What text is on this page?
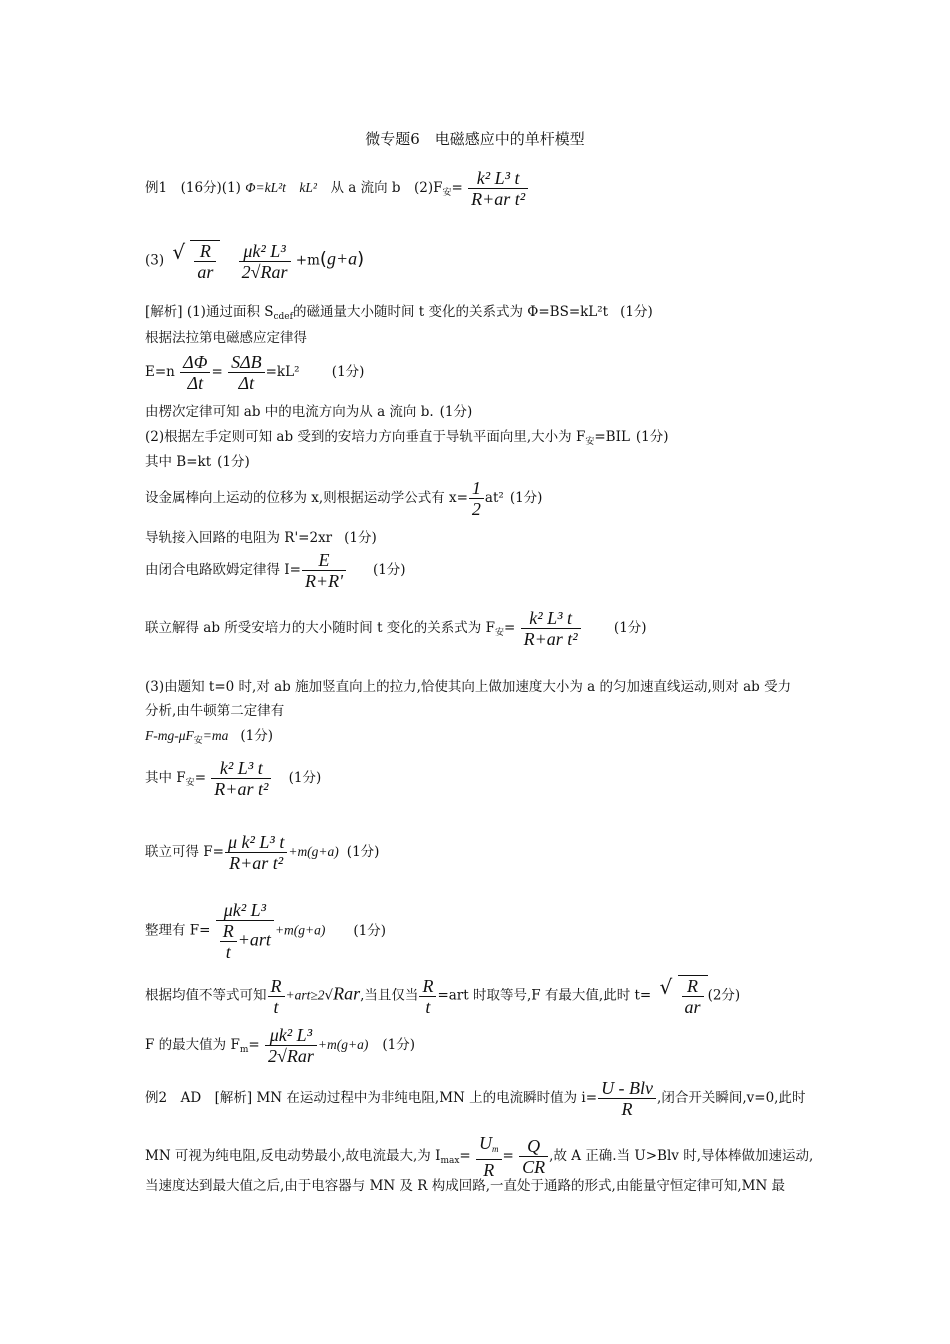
微专题6　电磁感应中的单杆模型
例1　(16分)(1) Φ=kL²t　kL²　从 a 流向 b　$(2)F_安= \frac{\text{k² L³ t}}{\text{R+ar t²}}$
(3) √ $\frac{R}{ar}$
$\frac{\text{μk² L³}}{\text{2√Rar}} +m(g+a)$
[解析] (1)通过面积 $S_{cdef}$的磁通量大小随时间 t 变化的关系式为 Φ=BS=kL²t (1分)
根据法拉第电磁感应定律得
$E=n \frac{\Delta\Phi}{\Delta t} = \frac{\text{SΔB}}{\Delta t} =kL^2$ (1分)
由楞次定律可知 ab 中的电流方向为从 a 流向 b. (1分)
(2)根据左手定则可知 ab 受到的安培力方向垂直于导轨平面向里,大小为 $F_安=BIL$ (1分)
其中 B=kt (1分)
设金属棒向上运动的位移为 x,则根据运动学公式有 $x= \frac{1}{2} at^2$ (1分)
导轨接入回路的电阻为 R'=2xr (1分)
由闭合电路欧姆定律得 $I= \frac{E}{R+R'} (1$分)
联立解得 ab 所受安培力的大小随时间 t 变化的关系式为 $F_安= \frac{\text{k² L³ t}}{\text{R+ar t²}} (1$分)
(3)由题知 t=0 时,对 ab 施加竖直向上的拉力,恰使其向上做加速度大小为 a 的匀加速直线运动,则对 ab 受力
分析,由牛顿第二定律有
$F-mg-\mu F_安=ma$ (1分)
其中 $F_安= \frac{\text{k² L³ t}}{\text{R+ar t²}} (1$分)
联立可得 $F= \frac{\text{μ k² L³ t}}{\text{R+ar t²}} +m(g+a)$ (1分)
整理有 $F= \frac{\text{μk² L³}}{\frac{R}{t} +art} +m(g+a)$ (1分)
根据均值不等式可知 $\frac{R}{t} +art\ge 2√Rar$,当且仅当 $\frac{R}{t} =art$ 时取等号,F 有最大值,此时 t= √ $\frac{R}{ar} (2$分)
F 的最大值为 $F_m= \frac{\text{μk² L³}}{\text{2√Rar}} +m(g+a)$ (1分)
例2　AD　[解析] MN 在运动过程中为非纯电阻,MN 上的电流瞬时值为 $i= \frac{\text{U - Blv}}{R}$ ,闭合开关瞬间,v=0,此时
MN 可视为纯电阻,反电动势最小,故电流最大,为 $I_{max}= \frac{U_m}{R} = \frac{Q}{CR}$ ,故 A 正确.当 U>Blv 时,导体棒做加速运动,
当速度达到最大值之后,由于电容器与 MN 及 R 构成回路,一直处于通路的形式,由能量守恒定律可知,MN 最
